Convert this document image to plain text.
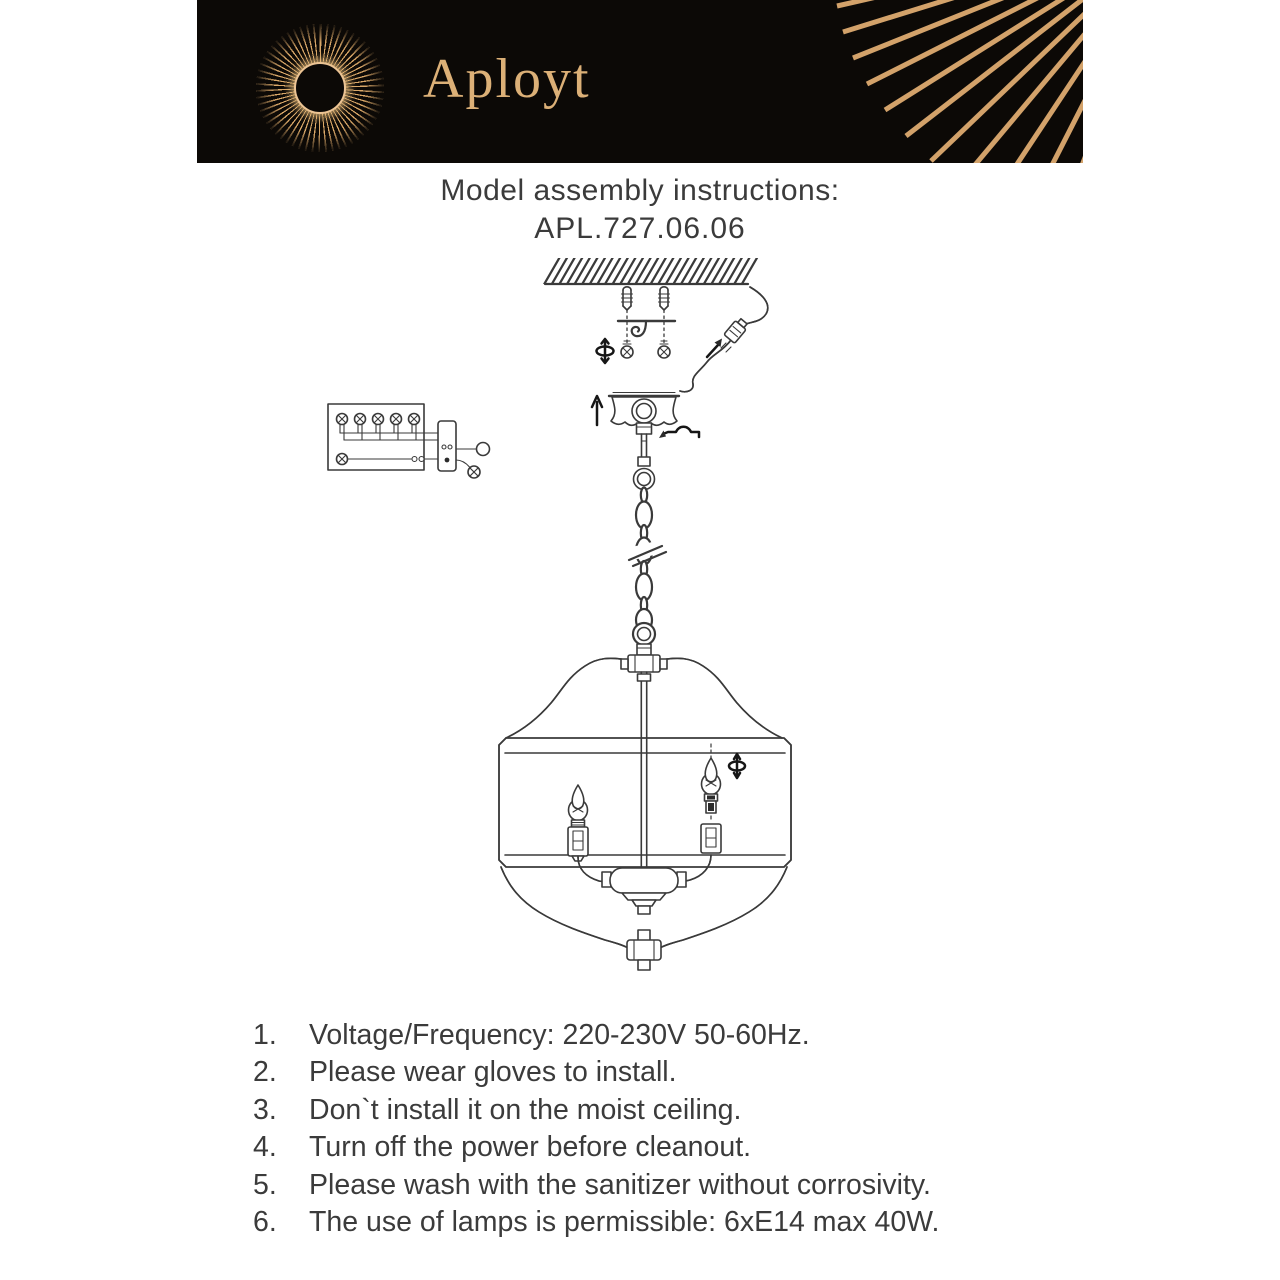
Aployt
Model assembly instructions:
APL.727.06.06
1.	Voltage/Frequency: 220-230V 50-60Hz.
2.	Please wear gloves to install.
3.	Don`t install it on the moist ceiling.
4.	Turn off the power before cleanout.
5.	Please wash with the sanitizer without corrosivity.
6.	The use of lamps is permissible: 6xE14 max 40W.
